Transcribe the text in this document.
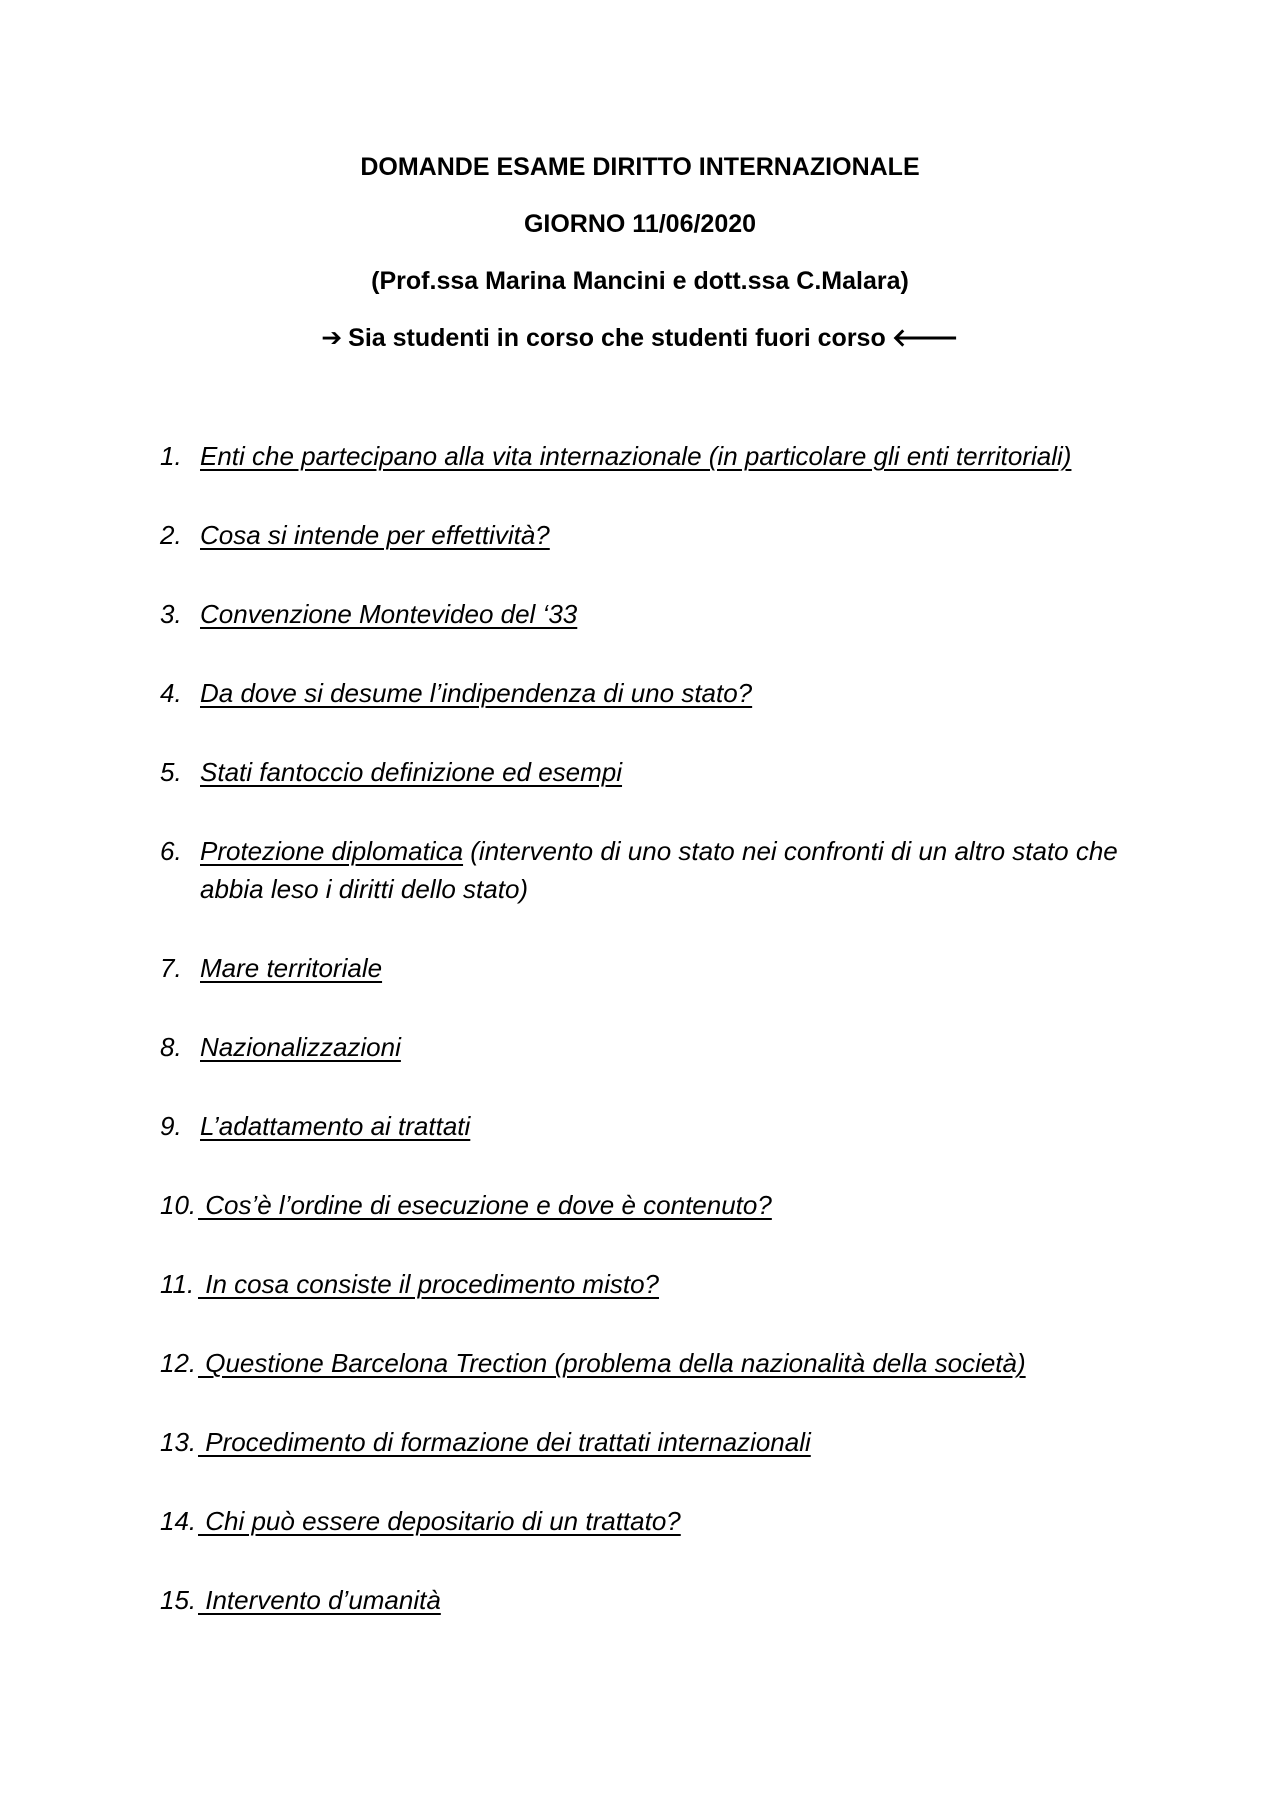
DOMANDE ESAME DIRITTO INTERNAZIONALE
GIORNO 11/06/2020
(Prof.ssa Marina Mancini e dott.ssa C.Malara)
➔ Sia studenti in corso che studenti fuori corso 🡐
1. Enti che partecipano alla vita internazionale (in particolare gli enti territoriali)
2. Cosa si intende per effettività?
3. Convenzione Montevideo del ‘33
4. Da dove si desume l’indipendenza di uno stato?
5. Stati fantoccio definizione ed esempi
6. Protezione diplomatica (intervento di uno stato nei confronti di un altro stato che abbia leso i diritti dello stato)
7. Mare territoriale
8. Nazionalizzazioni
9. L’adattamento ai trattati
10. Cos’è l’ordine di esecuzione e dove è contenuto?
11. In cosa consiste il procedimento misto?
12. Questione Barcelona Trection (problema della nazionalità della società)
13. Procedimento di formazione dei trattati internazionali
14. Chi può essere depositario di un trattato?
15. Intervento d’umanità
